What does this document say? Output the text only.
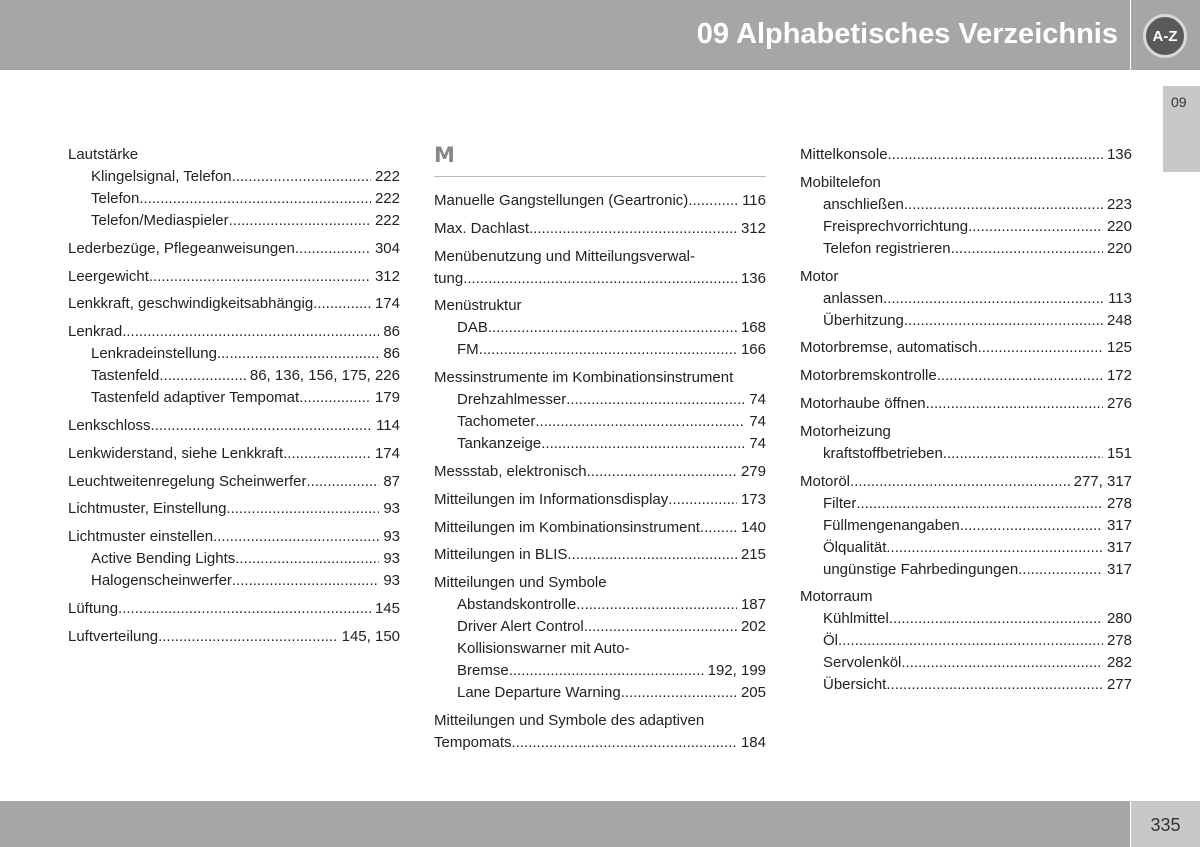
09 Alphabetisches Verzeichnis	A-Z
09
Lautstärke
Klingelsignal, Telefon .....	222
Telefon .....	222
Telefon/Mediaspieler .....	222
Lederbezüge, Pflegeanweisungen .....	304
Leergewicht .....	312
Lenkkraft, geschwindigkeitsabhängig .....	174
Lenkrad .....	86
Lenkradeinstellung .....	86
Tastenfeld .....	86, 136, 156, 175, 226
Tastenfeld adaptiver Tempomat .....	179
Lenkschloss .....	114
Lenkwiderstand, siehe Lenkkraft .....	174
Leuchtweitenregelung Scheinwerfer .....	87
Lichtmuster, Einstellung .....	93
Lichtmuster einstellen .....	93
Active Bending Lights .....	93
Halogenscheinwerfer .....	93
Lüftung .....	145
Luftverteilung .....	145, 150
M
Manuelle Gangstellungen (Geartronic) .....	116
Max. Dachlast .....	312
Menübenutzung und Mitteilungsverwal-
tung .....	136
Menüstruktur
DAB .....	168
FM .....	166
Messinstrumente im Kombinationsinstrument
Drehzahlmesser .....	74
Tachometer .....	74
Tankanzeige .....	74
Messstab, elektronisch .....	279
Mitteilungen im Informationsdisplay .....	173
Mitteilungen im Kombinationsinstrument .....	140
Mitteilungen in BLIS .....	215
Mitteilungen und Symbole
Abstandskontrolle .....	187
Driver Alert Control .....	202
Kollisionswarner mit Auto-
Bremse .....	192, 199
Lane Departure Warning .....	205
Mitteilungen und Symbole des adaptiven
Tempomats .....	184
Mittelkonsole .....	136
Mobiltelefon
anschließen .....	223
Freisprechvorrichtung .....	220
Telefon registrieren .....	220
Motor
anlassen .....	113
Überhitzung .....	248
Motorbremse, automatisch .....	125
Motorbremskontrolle .....	172
Motorhaube öffnen .....	276
Motorheizung
kraftstoffbetrieben .....	151
Motoröl .....	277, 317
Filter .....	278
Füllmengenangaben .....	317
Ölqualität .....	317
ungünstige Fahrbedingungen .....	317
Motorraum
Kühlmittel .....	280
Öl .....	278
Servolenköl .....	282
Übersicht .....	277
335
